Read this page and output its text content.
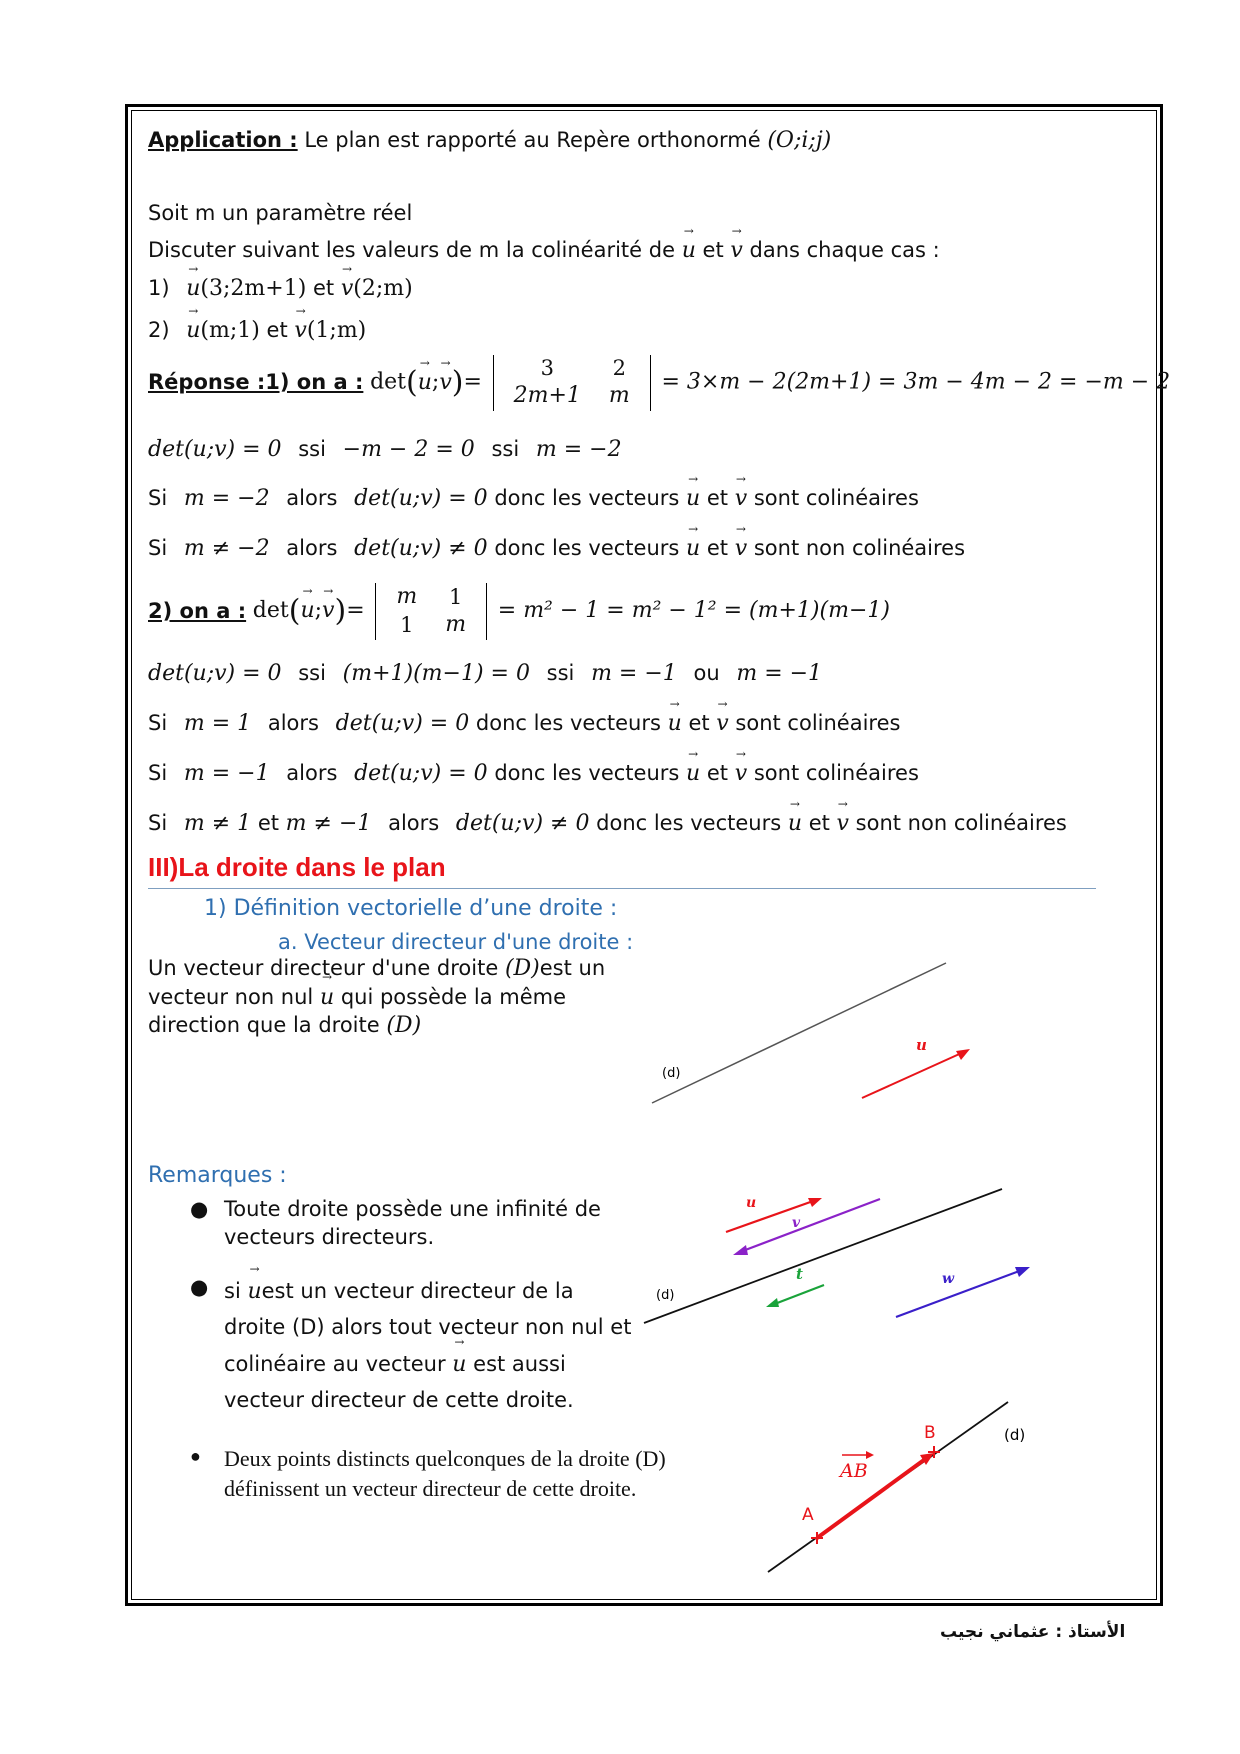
Application : Le plan est rapporté au Repère orthonormé (O;i;j)
Soit m un paramètre réel
Discuter suivant les valeurs de m la colinéarité de → u et → v dans chaque cas :
1) → u(3;2m+1) et → v(2;m)
2) → u(m;1) et → v(1;m)
Réponse :1) on a : det(→ u;→ v)=
3	2
2m+1	m
= 3×m − 2(2m+1) = 3m − 4m − 2 = −m − 2
det(u;v) = 0 ssi −m − 2 = 0 ssi m = −2
Si m = −2 alors det(u;v) = 0 donc les vecteurs → u et → v sont colinéaires
Si m ≠ −2 alors det(u;v) ≠ 0 donc les vecteurs → u et → v sont non colinéaires
2) on a : det(→ u;→ v)=
m	1
1	m
= m² − 1 = m² − 1² = (m+1)(m−1)
det(u;v) = 0 ssi (m+1)(m−1) = 0 ssi m = −1 ou m = −1
Si m = 1 alors det(u;v) = 0 donc les vecteurs → u et → v sont colinéaires
Si m = −1 alors det(u;v) = 0 donc les vecteurs → u et → v sont colinéaires
Si m ≠ 1 et m ≠ −1 alors det(u;v) ≠ 0 donc les vecteurs → u et → v sont non colinéaires
III)La droite dans le plan
1) Définition vectorielle d’une droite :
a. Vecteur directeur d'une droite :
Un vecteur directeur d'une droite (D)est un
vecteur non nul → u qui possède la même
direction que la droite (D)
(d)
u
Remarques :
● Toute droite possède une infinité de
vecteurs directeurs.
● si → uest un vecteur directeur de la
droite (D) alors tout vecteur non nul et
colinéaire au vecteur → u est aussi
vecteur directeur de cette droite.
● Deux points distincts quelconques de la droite (D)
définissent un vecteur directeur de cette droite.
(d)
u
v
t	w
(d)
A
B
AB
الأستاذ : عثماني نجيب
